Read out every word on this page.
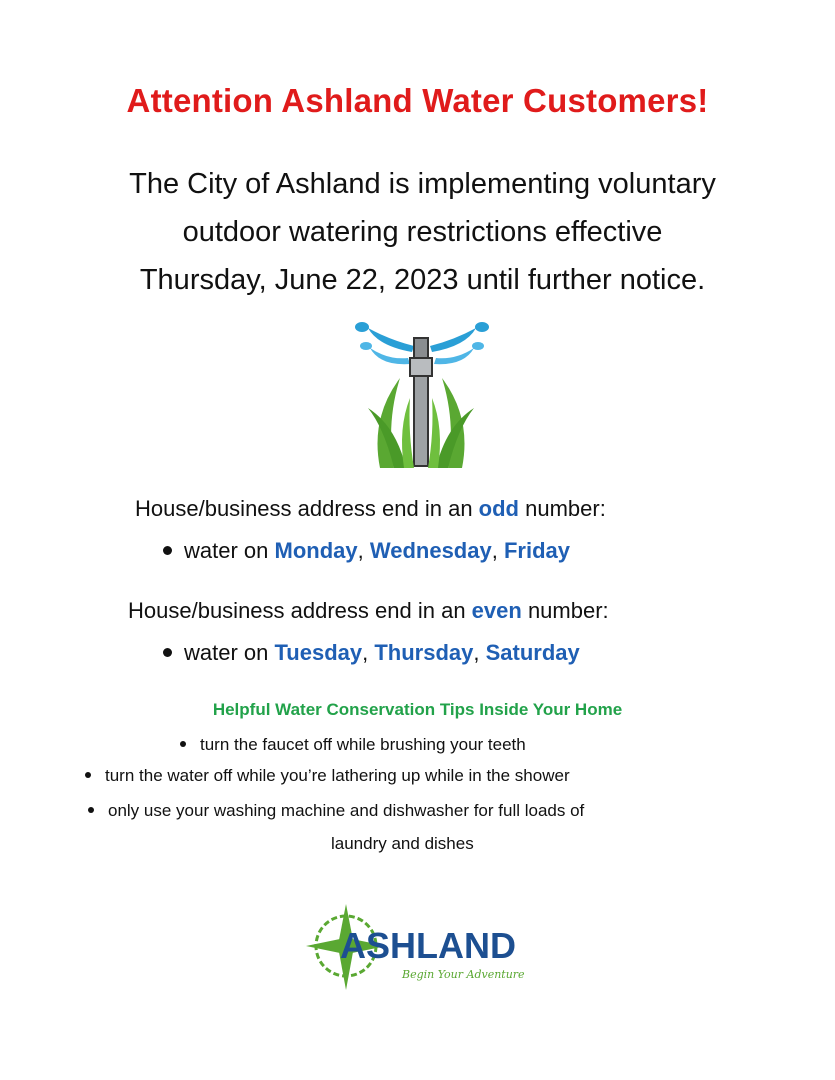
Attention Ashland Water Customers!
The City of Ashland is implementing voluntary
outdoor watering restrictions effective
Thursday, June 22, 2023 until further notice.
House/business address end in an odd number:
water on Monday, Wednesday, Friday
House/business address end in an even number:
water on Tuesday, Thursday, Saturday
Helpful Water Conservation Tips Inside Your Home
turn the faucet off while brushing your teeth
turn the water off while you’re lathering up while in the shower
only use your washing machine and dishwasher for full loads of
laundry and dishes
ASHLAND
Begin Your Adventure
